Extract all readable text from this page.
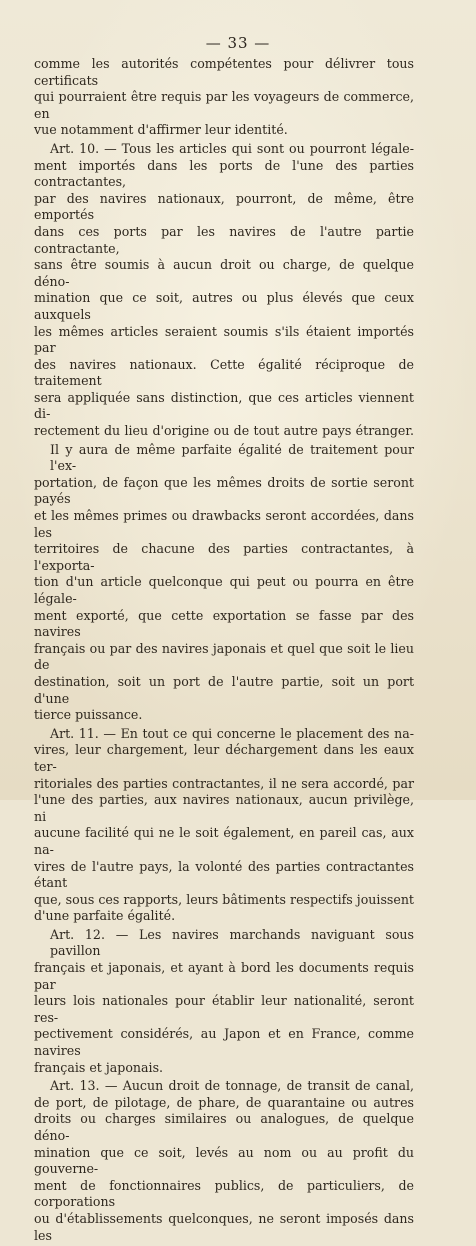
— 33 —

comme les autorités compétentes pour délivrer tous certificats
qui pourraient être requis par les voyageurs de commerce, en
vue notamment d'affirmer leur identité.

Art. 10. — Tous les articles qui sont ou pourront légale-
ment importés dans les ports de l'une des parties contractantes,
par des navires nationaux, pourront, de même, être emportés
dans ces ports par les navires de l'autre partie contractante,
sans être soumis à aucun droit ou charge, de quelque déno-
mination que ce soit, autres ou plus élevés que ceux auxquels
les mêmes articles seraient soumis s'ils étaient importés par
des navires nationaux. Cette égalité réciproque de traitement
sera appliquée sans distinction, que ces articles viennent di-
rectement du lieu d'origine ou de tout autre pays étranger.

Il y aura de même parfaite égalité de traitement pour l'ex-
portation, de façon que les mêmes droits de sortie seront payés
et les mêmes primes ou drawbacks seront accordées, dans les
territoires de chacune des parties contractantes, à l'exporta-
tion d'un article quelconque qui peut ou pourra en être légale-
ment exporté, que cette exportation se fasse par des navires
français ou par des navires japonais et quel que soit le lieu de
destination, soit un port de l'autre partie, soit un port d'une
tierce puissance.

Art. 11. — En tout ce qui concerne le placement des na-
vires, leur chargement, leur déchargement dans les eaux ter-
ritoriales des parties contractantes, il ne sera accordé, par
l'une des parties, aux navires nationaux, aucun privilège, ni
aucune facilité qui ne le soit également, en pareil cas, aux na-
vires de l'autre pays, la volonté des parties contractantes étant
que, sous ces rapports, leurs bâtiments respectifs jouissent
d'une parfaite égalité.

Art. 12. — Les navires marchands naviguant sous pavillon
français et japonais, et ayant à bord les documents requis par
leurs lois nationales pour établir leur nationalité, seront res-
pectivement considérés, au Japon et en France, comme navires
français et japonais.

Art. 13. — Aucun droit de tonnage, de transit de canal,
de port, de pilotage, de phare, de quarantaine ou autres
droits ou charges similaires ou analogues, de quelque déno-
mination que ce soit, levés au nom ou au profit du gouverne-
ment de fonctionnaires publics, de particuliers, de corporations
ou d'établissements quelconques, ne seront imposés dans les
